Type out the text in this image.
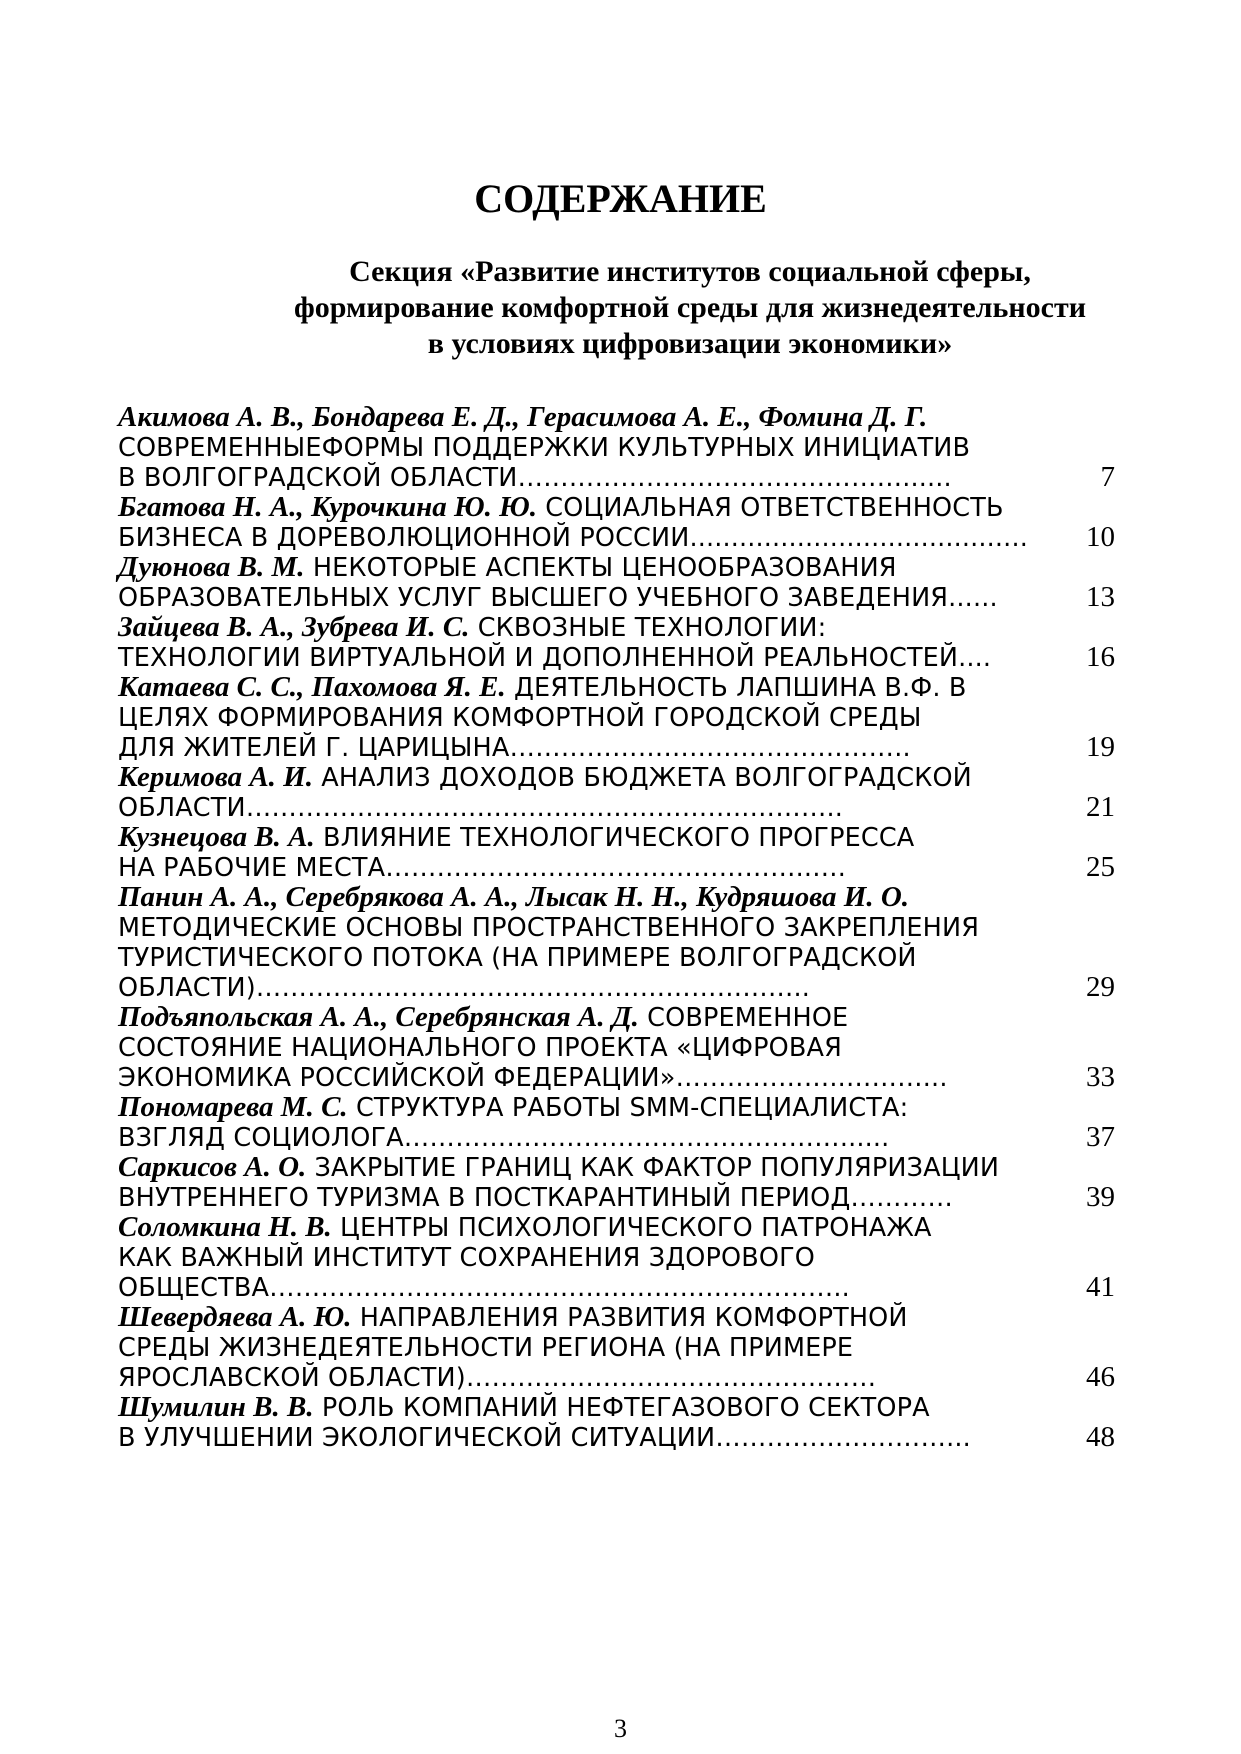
СОДЕРЖАНИЕ
Секция «Развитие институтов социальной сферы,
формирование комфортной среды для жизнедеятельности
в условиях цифровизации экономики»
Акимова А. В., Бондарева Е. Д., Герасимова А. Е., Фомина Д. Г.
СОВРЕМЕННЫЕФОРМЫ ПОДДЕРЖКИ КУЛЬТУРНЫХ ИНИЦИАТИВ
В ВОЛГОГРАДСКОЙ ОБЛАСТИ………………………………………......	7
Бгатова Н. А., Курочкина Ю. Ю. СОЦИАЛЬНАЯ ОТВЕТСТВЕННОСТЬ
БИЗНЕСА В ДОРЕВОЛЮЦИОННОЙ РОССИИ.........................................	10
Дуюнова В. М. НЕКОТОРЫЕ АСПЕКТЫ ЦЕНООБРАЗОВАНИЯ
ОБРАЗОВАТЕЛЬНЫХ УСЛУГ ВЫСШЕГО УЧЕБНОГО ЗАВЕДЕНИЯ......	13
Зайцева В. А., Зубрева И. С. СКВОЗНЫЕ ТЕХНОЛОГИИ:
ТЕХНОЛОГИИ ВИРТУАЛЬНОЙ И ДОПОЛНЕННОЙ РЕАЛЬНОСТЕЙ....	16
Катаева С. С., Пахомова Я. Е. ДЕЯТЕЛЬНОСТЬ ЛАПШИНА В.Ф. В
ЦЕЛЯХ ФОРМИРОВАНИЯ КОМФОРТНОЙ ГОРОДСКОЙ СРЕДЫ
ДЛЯ ЖИТЕЛЕЙ Г. ЦАРИЦЫНА………………………………………..	19
Керимова А. И. АНАЛИЗ ДОХОДОВ БЮДЖЕТА ВОЛГОГРАДСКОЙ
ОБЛАСТИ…………………………………………………..………..	21
Кузнецова В. А. ВЛИЯНИЕ ТЕХНОЛОГИЧЕСКОГО ПРОГРЕССА
НА РАБОЧИЕ МЕСТА…………………………………………..….	25
Панин А. А., Серебрякова А. А., Лысак Н. Н., Кудряшова И. О.
МЕТОДИЧЕСКИЕ ОСНОВЫ ПРОСТРАНСТВЕННОГО ЗАКРЕПЛЕНИЯ
ТУРИСТИЧЕСКОГО ПОТОКА (НА ПРИМЕРЕ ВОЛГОГРАДСКОЙ
ОБЛАСТИ)…………………………...…………………………..	29
Подъяпольская А. А., Серебрянская А. Д. СОВРЕМЕННОЕ
СОСТОЯНИЕ НАЦИОНАЛЬНОГО ПРОЕКТА «ЦИФРОВАЯ
ЭКОНОМИКА РОССИЙСКОЙ ФЕДЕРАЦИИ»………………..………...	33
Пономарева М. С. СТРУКТУРА РАБОТЫ SMM-СПЕЦИАЛИСТА:
ВЗГЛЯД СОЦИОЛОГА……………………………………………......	37
Саркисов А. О. ЗАКРЫТИЕ ГРАНИЦ КАК ФАКТОР ПОПУЛЯРИЗАЦИИ
ВНУТРЕННЕГО ТУРИЗМА В ПОСТКАРАНТИНЫЙ ПЕРИОД…………	39
Соломкина Н. В. ЦЕНТРЫ ПСИХОЛОГИЧЕСКОГО ПАТРОНАЖА
КАК ВАЖНЫЙ ИНСТИТУТ СОХРАНЕНИЯ ЗДОРОВОГО
ОБЩЕСТВА…………………………………………………………..	41
Шевердяева А. Ю. НАПРАВЛЕНИЯ РАЗВИТИЯ КОМФОРТНОЙ
СРЕДЫ ЖИЗНЕДЕЯТЕЛЬНОСТИ РЕГИОНА (НА ПРИМЕРЕ
ЯРОСЛАВСКОЙ ОБЛАСТИ)…………………………………………	46
Шумилин В. В. РОЛЬ КОМПАНИЙ НЕФТЕГАЗОВОГО СЕКТОРА
В УЛУЧШЕНИИ ЭКОЛОГИЧЕСКОЙ СИТУАЦИИ………………………...	48
3
